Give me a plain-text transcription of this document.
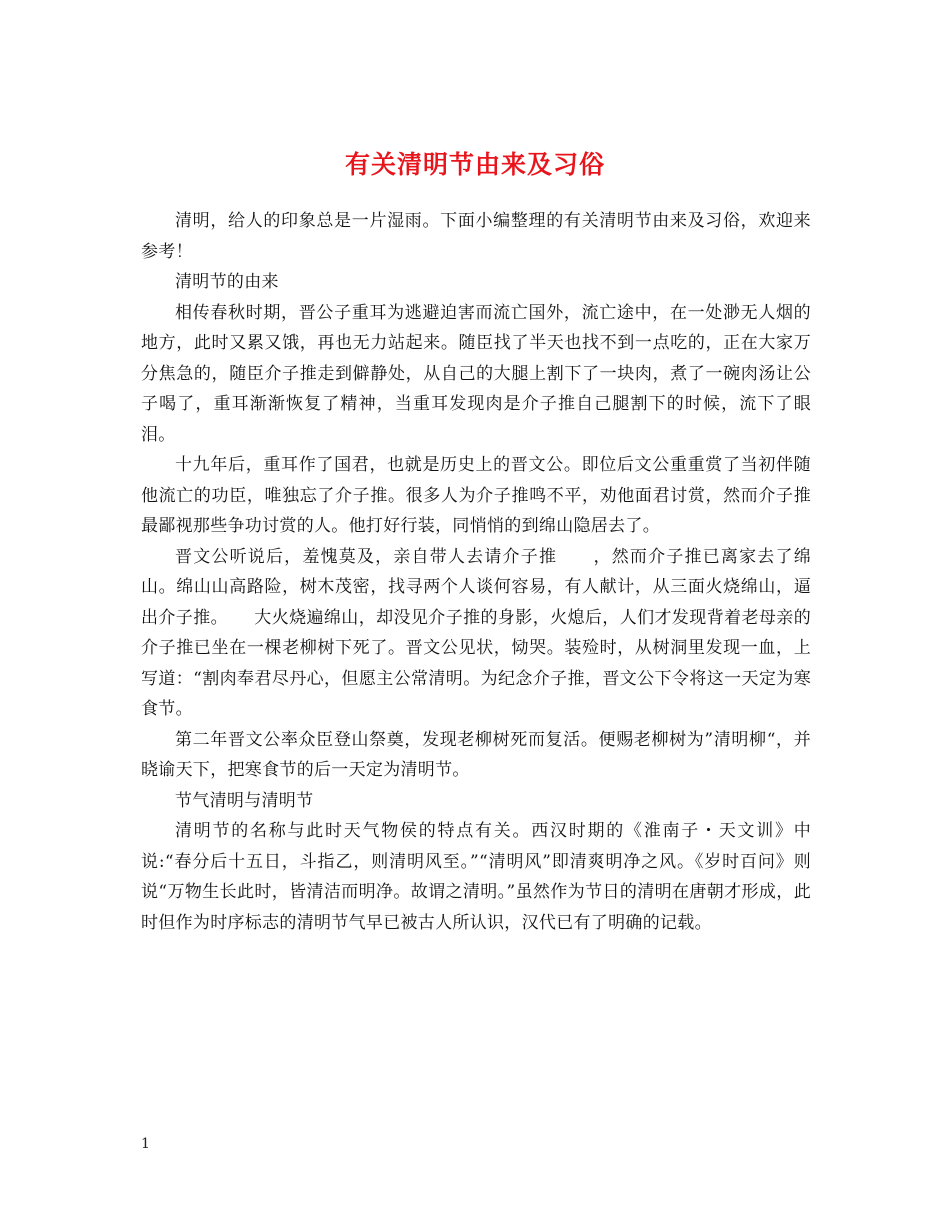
有关清明节由来及习俗

清明，给人的印象总是一片湿雨。下面小编整理的有关清明节由来及习俗，欢迎来参考！

清明节的由来

相传春秋时期，晋公子重耳为逃避迫害而流亡国外，流亡途中，在一处渺无人烟的地方，此时又累又饿，再也无力站起来。随臣找了半天也找不到一点吃的，正在大家万分焦急的，随臣介子推走到僻静处，从自己的大腿上割下了一块肉，煮了一碗肉汤让公子喝了，重耳渐渐恢复了精神，当重耳发现肉是介子推自己腿割下的时候，流下了眼泪。

十九年后，重耳作了国君，也就是历史上的晋文公。即位后文公重重赏了当初伴随他流亡的功臣，唯独忘了介子推。很多人为介子推鸣不平，劝他面君讨赏，然而介子推最鄙视那些争功讨赏的人。他打好行装，同悄悄的到绵山隐居去了。

晋文公听说后，羞愧莫及，亲自带人去请介子推　　，然而介子推已离家去了绵山。绵山山高路险，树木茂密，找寻两个人谈何容易，有人献计，从三面火烧绵山，逼出介子推。　　大火烧遍绵山，却没见介子推的身影，火熄后，人们才发现背着老母亲的介子推已坐在一棵老柳树下死了。晋文公见状，恸哭。装殓时，从树洞里发现一血，上写道：“割肉奉君尽丹心，但愿主公常清明。为纪念介子推，晋文公下令将这一天定为寒食节。

第二年晋文公率众臣登山祭奠，发现老柳树死而复活。便赐老柳树为”清明柳“，并晓谕天下，把寒食节的后一天定为清明节。

节气清明与清明节

清明节的名称与此时天气物侯的特点有关。西汉时期的《淮南子・天文训》中说:“春分后十五日，斗指乙，则清明风至。”“清明风”即清爽明净之风。《岁时百问》则说“万物生长此时，皆清洁而明净。故谓之清明。”虽然作为节日的清明在唐朝才形成，此时但作为时序标志的清明节气早已被古人所认识，汉代已有了明确的记载。

1
